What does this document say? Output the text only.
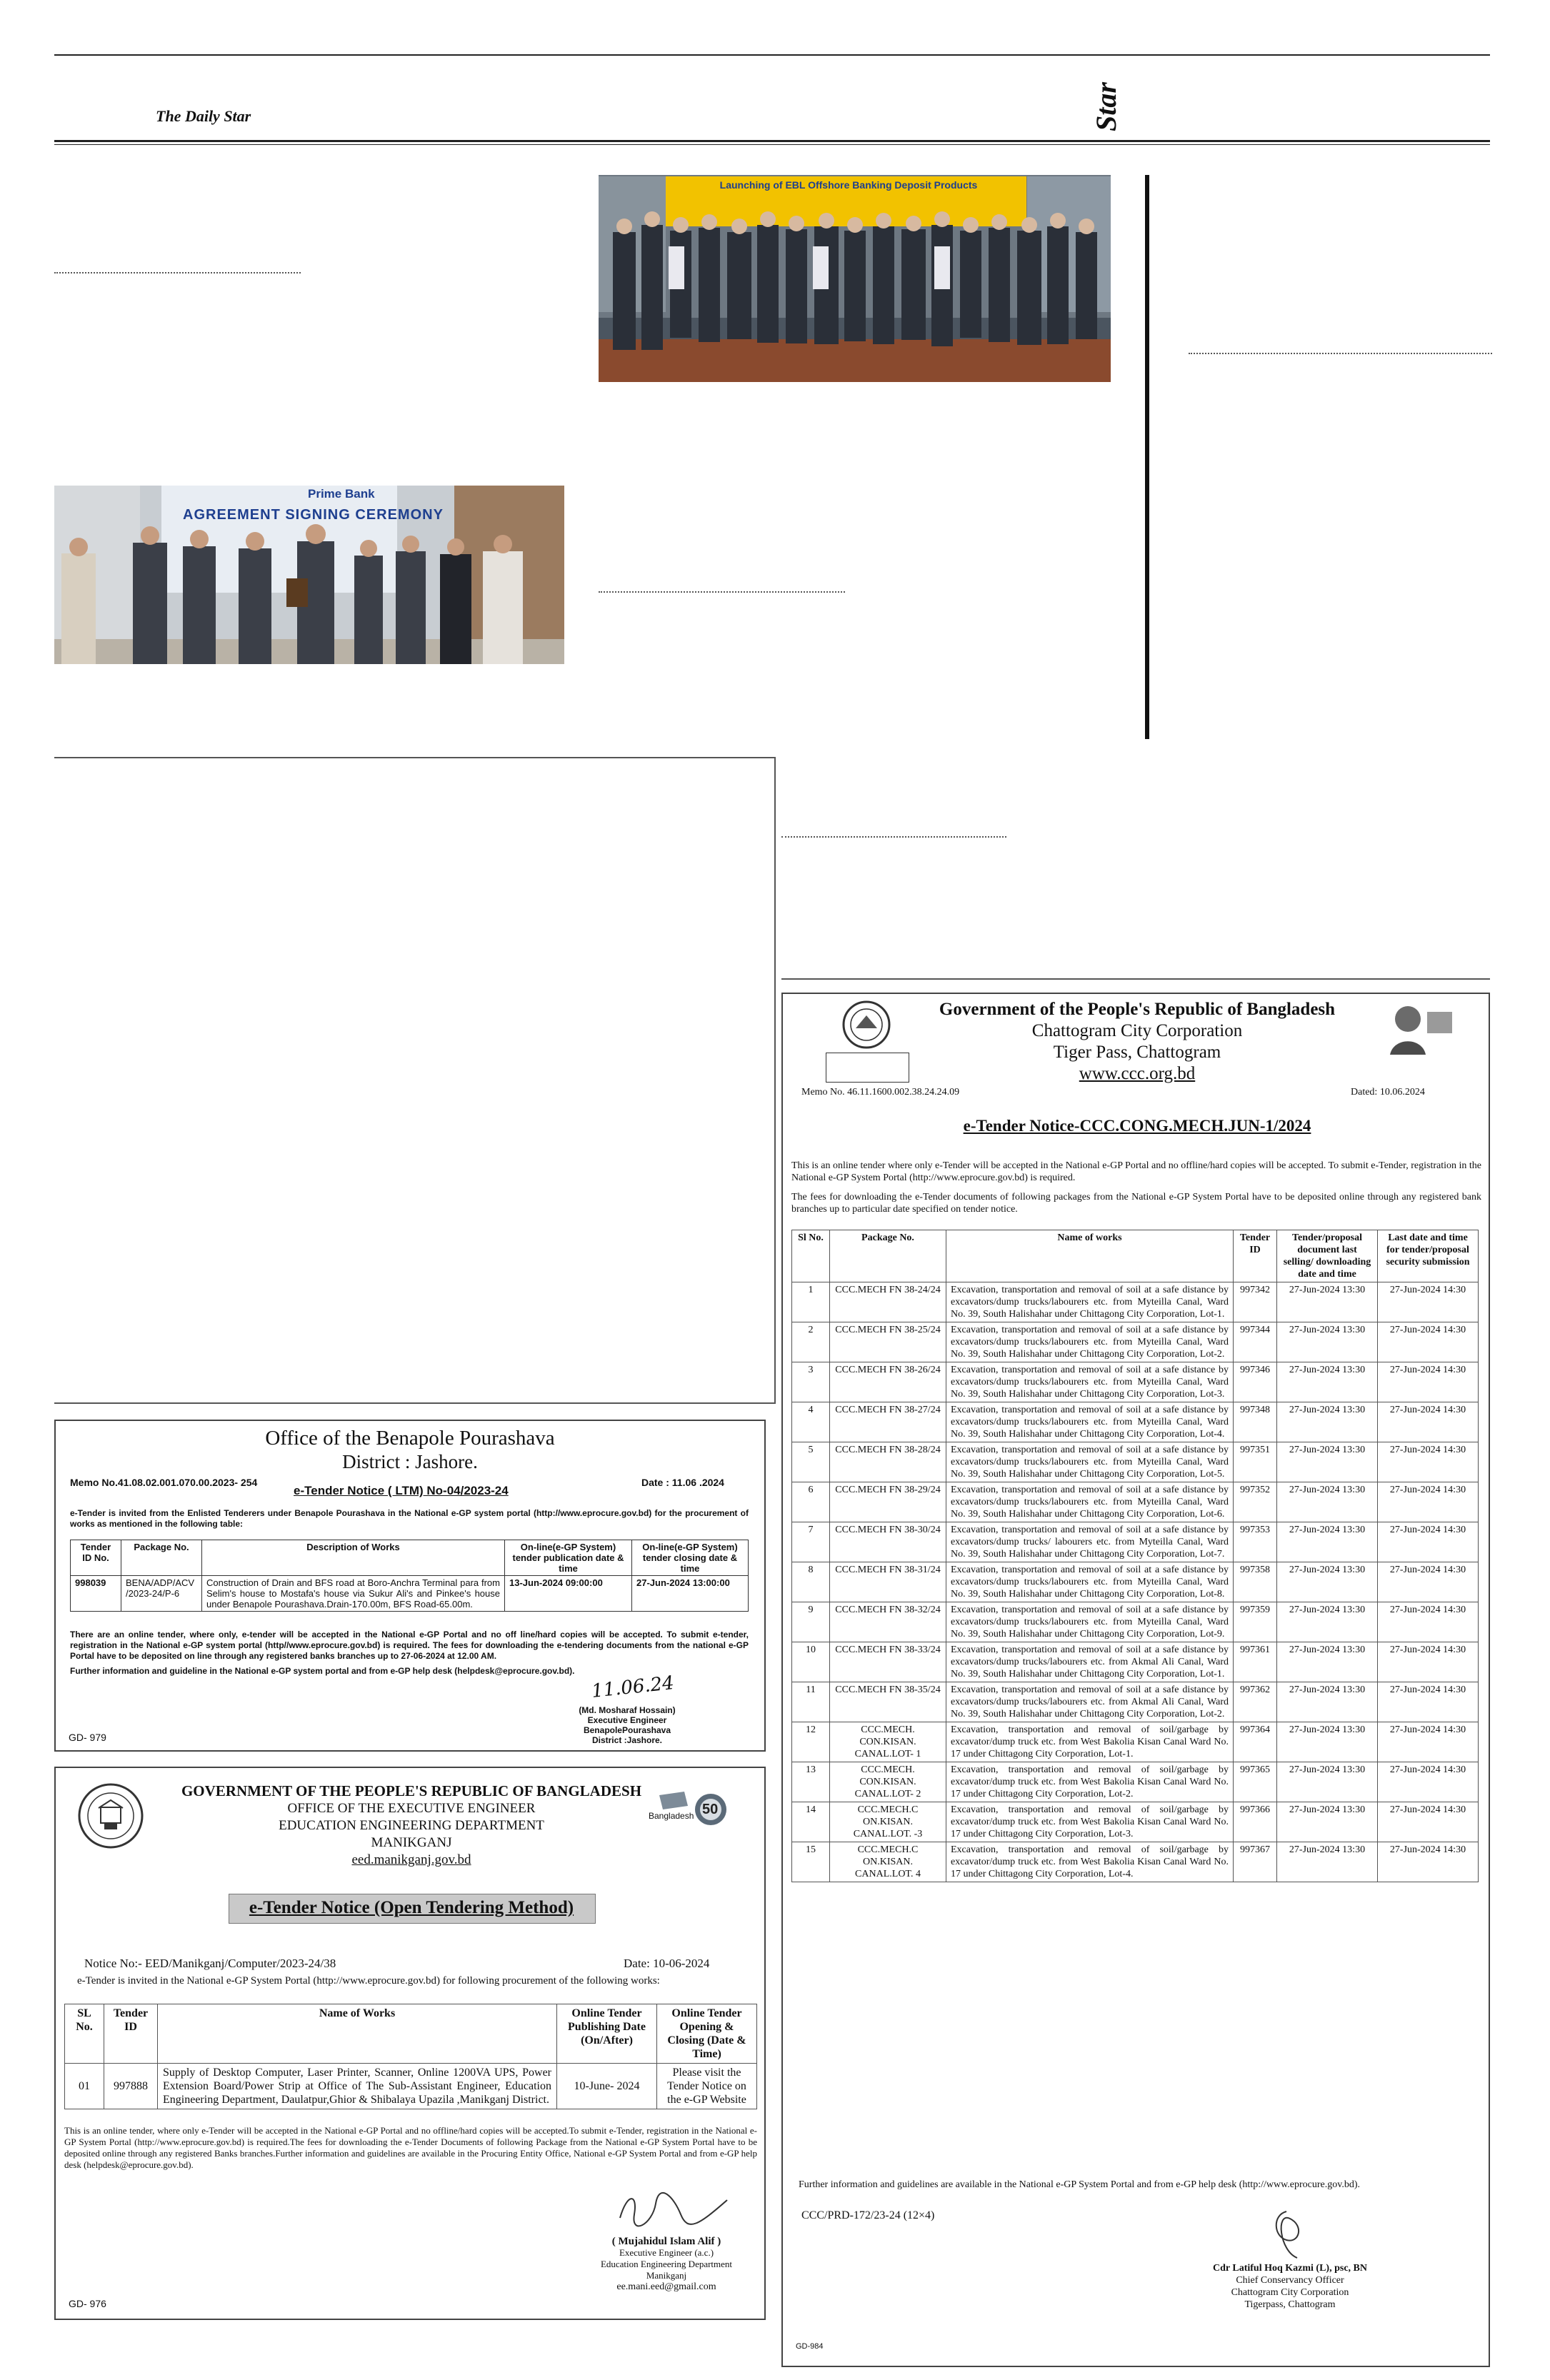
The Daily Star	Star
Launching of EBL Offshore Banking Deposit Products
Prime Bank
AGREEMENT SIGNING CEREMONY
Office of the Benapole Pourashava
District : Jashore.
Memo No.41.08.02.001.070.00.2023- 254
e-Tender Notice ( LTM) No-04/2023-24
Date : 11.06 .2024
e-Tender is invited from the Enlisted Tenderers under Benapole Pourashava in the National e-GP system portal (http://www.eprocure.gov.bd) for the procurement of works as mentioned in the following table:
Tender ID No.	Package No.	Description of Works	On-line(e-GP System) tender publication date & time	On-line(e-GP System) tender closing date & time
998039	BENA/ADP/ACV /2023-24/P-6	Construction of Drain and BFS road at Boro-Anchra Terminal para from Selim's house to Mostafa's house via Sukur Ali's and Pinkee's house under Benapole Pourashava.Drain-170.00m, BFS Road-65.00m.	13-Jun-2024 09:00:00	27-Jun-2024 13:00:00
There are an online tender, where only, e-tender will be accepted in the National e-GP Portal and no off line/hard copies will be accepted. To submit e-tender, registration in the National e-GP system portal (http//www.eprocure.gov.bd) is required. The fees for downloading the e-tendering documents from the national e-GP Portal have to be deposited on line through any registered banks branches up to 27-06-2024 at 12.00 AM.
Further information and guideline in the National e-GP system portal and from e-GP help desk (helpdesk@eprocure.gov.bd).
11.06.24
(Md. Mosharaf Hossain)
Executive Engineer
BenapolePourashava
District :Jashore.
GD- 979
GOVERNMENT OF THE PEOPLE'S REPUBLIC OF BANGLADESH
OFFICE OF THE EXECUTIVE ENGINEER
EDUCATION ENGINEERING DEPARTMENT
MANIKGANJ
eed.manikganj.gov.bd
Bangladesh 50
e-Tender Notice (Open Tendering Method)
Notice No:- EED/Manikganj/Computer/2023-24/38	Date: 10-06-2024
e-Tender is invited in the National e-GP System Portal (http://www.eprocure.gov.bd) for following procurement of the following works:
SL No.	Tender ID	Name of Works	Online Tender Publishing Date (On/After)	Online Tender Opening & Closing (Date & Time)
01	997888	Supply of Desktop Computer, Laser Printer, Scanner, Online 1200VA UPS, Power Extension Board/Power Strip at Office of The Sub-Assistant Engineer, Education Engineering Department, Daulatpur,Ghior & Shibalaya Upazila ,Manikganj District.	10-June- 2024	Please visit the Tender Notice on the e-GP Website
This is an online tender, where only e-Tender will be accepted in the National e-GP Portal and no offline/hard copies will be accepted.To submit e-Tender, registration in the National e-GP System Portal (http://www.eprocure.gov.bd) is required.The fees for downloading the e-Tender Documents of following Package from the National e-GP System Portal have to be deposited online through any registered Banks branches.Further information and guidelines are available in the Procuring Entity Office, National e-GP System Portal and from e-GP help desk (helpdesk@eprocure.gov.bd).
( Mujahidul Islam Alif )
Executive Engineer (a.c.)
Education Engineering Department
Manikganj
ee.mani.eed@gmail.com
GD- 976
Government of the People's Republic of Bangladesh
Chattogram City Corporation
Tiger Pass, Chattogram
www.ccc.org.bd
Memo No. 46.11.1600.002.38.24.24.09	Dated: 10.06.2024
e-Tender Notice-CCC.CONG.MECH.JUN-1/2024
This is an online tender where only e-Tender will be accepted in the National e-GP Portal and no offline/hard copies will be accepted. To submit e-Tender, registration in the National e-GP System Portal (http://www.eprocure.gov.bd) is required.
The fees for downloading the e-Tender documents of following packages from the National e-GP System Portal have to be deposited online through any registered bank branches up to particular date specified on tender notice.
Sl No.	Package No.	Name of works	Tender ID	Tender/proposal document last selling/ downloading date and time	Last date and time for tender/proposal security submission
1	CCC.MECH FN 38-24/24	Excavation, transportation and removal of soil at a safe distance by excavators/dump trucks/labourers etc. from Myteilla Canal, Ward No. 39, South Halishahar under Chittagong City Corporation, Lot-1.	997342	27-Jun-2024 13:30	27-Jun-2024 14:30
2	CCC.MECH FN 38-25/24	Excavation, transportation and removal of soil at a safe distance by excavators/dump trucks/labourers etc. from Myteilla Canal, Ward No. 39, South Halishahar under Chittagong City Corporation, Lot-2.	997344	27-Jun-2024 13:30	27-Jun-2024 14:30
3	CCC.MECH FN 38-26/24	Excavation, transportation and removal of soil at a safe distance by excavators/dump trucks/labourers etc. from Myteilla Canal, Ward No. 39, South Halishahar under Chittagong City Corporation, Lot-3.	997346	27-Jun-2024 13:30	27-Jun-2024 14:30
4	CCC.MECH FN 38-27/24	Excavation, transportation and removal of soil at a safe distance by excavators/dump trucks/labourers etc. from Myteilla Canal, Ward No. 39, South Halishahar under Chittagong City Corporation, Lot-4.	997348	27-Jun-2024 13:30	27-Jun-2024 14:30
5	CCC.MECH FN 38-28/24	Excavation, transportation and removal of soil at a safe distance by excavators/dump trucks/labourers etc. from Myteilla Canal, Ward No. 39, South Halishahar under Chittagong City Corporation, Lot-5.	997351	27-Jun-2024 13:30	27-Jun-2024 14:30
6	CCC.MECH FN 38-29/24	Excavation, transportation and removal of soil at a safe distance by excavators/dump trucks/labourers etc. from Myteilla Canal, Ward No. 39, South Halishahar under Chittagong City Corporation, Lot-6.	997352	27-Jun-2024 13:30	27-Jun-2024 14:30
7	CCC.MECH FN 38-30/24	Excavation, transportation and removal of soil at a safe distance by excavators/dump trucks/ labourers etc. from Myteilla Canal, Ward No. 39, South Halishahar under Chittagong City Corporation, Lot-7.	997353	27-Jun-2024 13:30	27-Jun-2024 14:30
8	CCC.MECH FN 38-31/24	Excavation, transportation and removal of soil at a safe distance by excavators/dump trucks/labourers etc. from Myteilla Canal, Ward No. 39, South Halishahar under Chittagong City Corporation, Lot-8.	997358	27-Jun-2024 13:30	27-Jun-2024 14:30
9	CCC.MECH FN 38-32/24	Excavation, transportation and removal of soil at a safe distance by excavators/dump trucks/labourers etc. from Myteilla Canal, Ward No. 39, South Halishahar under Chittagong City Corporation, Lot-9.	997359	27-Jun-2024 13:30	27-Jun-2024 14:30
10	CCC.MECH FN 38-33/24	Excavation, transportation and removal of soil at a safe distance by excavators/dump trucks/labourers etc. from Akmal Ali Canal, Ward No. 39, South Halishahar under Chittagong City Corporation, Lot-1.	997361	27-Jun-2024 13:30	27-Jun-2024 14:30
11	CCC.MECH FN 38-35/24	Excavation, transportation and removal of soil at a safe distance by excavators/dump trucks/labourers etc. from Akmal Ali Canal, Ward No. 39, South Halishahar under Chittagong City Corporation, Lot-2.	997362	27-Jun-2024 13:30	27-Jun-2024 14:30
12	CCC.MECH. CON.KISAN. CANAL.LOT- 1	Excavation, transportation and removal of soil/garbage by excavator/dump truck etc. from West Bakolia Kisan Canal Ward No. 17 under Chittagong City Corporation, Lot-1.	997364	27-Jun-2024 13:30	27-Jun-2024 14:30
13	CCC.MECH. CON.KISAN. CANAL.LOT- 2	Excavation, transportation and removal of soil/garbage by excavator/dump truck etc. from West Bakolia Kisan Canal Ward No. 17 under Chittagong City Corporation, Lot-2.	997365	27-Jun-2024 13:30	27-Jun-2024 14:30
14	CCC.MECH.C ON.KISAN. CANAL.LOT. -3	Excavation, transportation and removal of soil/garbage by excavator/dump truck etc. from West Bakolia Kisan Canal Ward No. 17 under Chittagong City Corporation, Lot-3.	997366	27-Jun-2024 13:30	27-Jun-2024 14:30
15	CCC.MECH.C ON.KISAN. CANAL.LOT. 4	Excavation, transportation and removal of soil/garbage by excavator/dump truck etc. from West Bakolia Kisan Canal Ward No. 17 under Chittagong City Corporation, Lot-4.	997367	27-Jun-2024 13:30	27-Jun-2024 14:30
Further information and guidelines are available in the National e-GP System Portal and from e-GP help desk (http://www.eprocure.gov.bd).
CCC/PRD-172/23-24 (12×4)
Cdr Latiful Hoq Kazmi (L), psc, BN
Chief Conservancy Officer
Chattogram City Corporation
Tigerpass, Chattogram
GD-984
